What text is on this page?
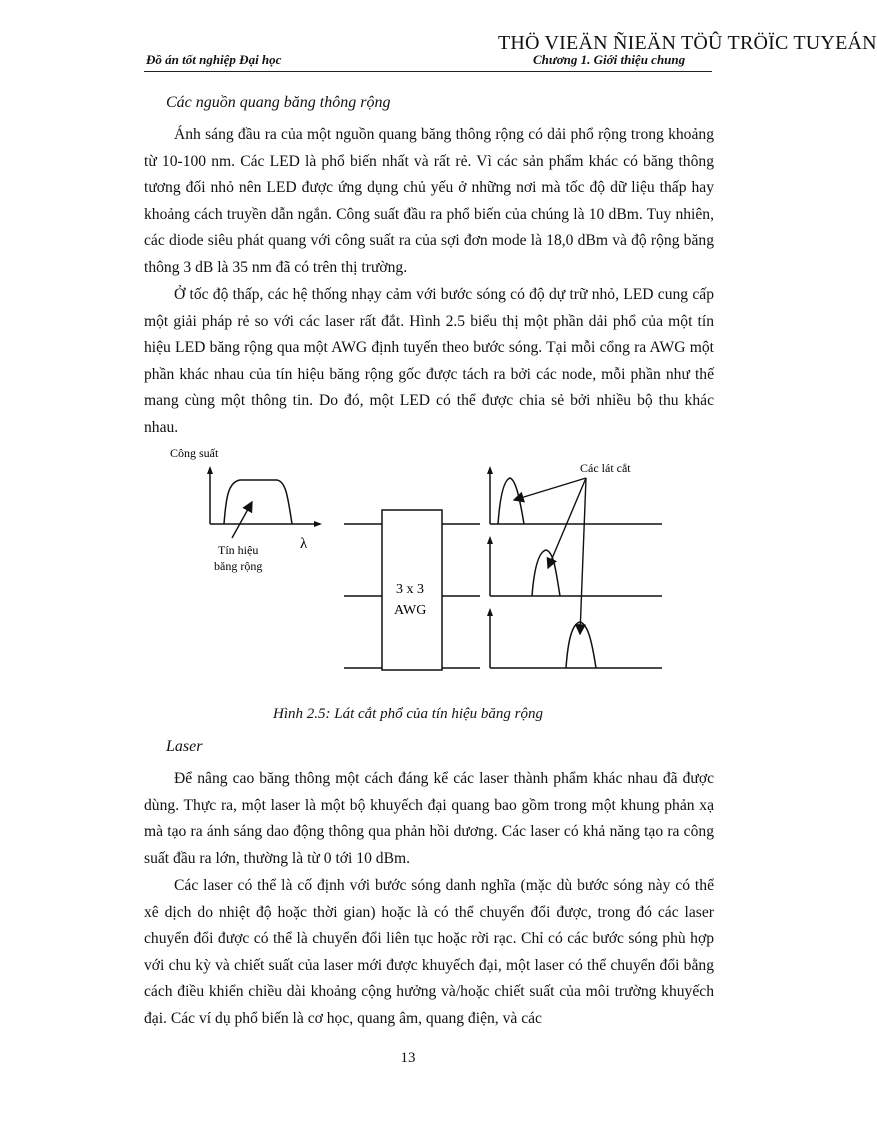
THÖ VIEÄN ÑIEÄN TÖÛ TRÖÏC TUYEÁN
Đồ án tốt nghiệp Đại học	Chương 1. Giới thiệu chung
Các nguồn quang băng thông rộng

Ánh sáng đầu ra của một nguồn quang băng thông rộng có dải phổ rộng trong khoảng từ 10-100 nm. Các LED là phổ biến nhất và rất rẻ. Vì các sản phẩm khác có băng thông tương đối nhỏ nên LED được ứng dụng chủ yếu ở những nơi mà tốc độ dữ liệu thấp hay khoảng cách truyền dẫn ngắn. Công suất đầu ra phổ biến của chúng là 10 dBm. Tuy nhiên, các diode siêu phát quang với công suất ra của sợi đơn mode là 18,0 dBm và độ rộng băng thông 3 dB là 35 nm đã có trên thị trường.

Ở tốc độ thấp, các hệ thống nhạy cảm với bước sóng có độ dự trữ nhỏ, LED cung cấp một giải pháp rẻ so với các laser rất đắt. Hình 2.5 biểu thị một phần dải phổ của một tín hiệu LED băng rộng qua một AWG định tuyến theo bước sóng. Tại mỗi cổng ra AWG một phần khác nhau của tín hiệu băng rộng gốc được tách ra bởi các node, mỗi phần như thế mang cùng một thông tin. Do đó, một LED có thể được chia sẻ bởi nhiều bộ thu khác nhau.

Công suất
λ
Tín hiệu
băng rộng
3 x 3
AWG
Các lát cắt
Hình 2.5: Lát cắt phổ của tín hiệu băng rộng
Laser

Để nâng cao băng thông một cách đáng kể các laser thành phẩm khác nhau đã được dùng. Thực ra, một laser là một bộ khuyếch đại quang bao gồm trong một khung phản xạ mà tạo ra ánh sáng dao động thông qua phản hồi dương. Các laser có khả năng tạo ra công suất đầu ra lớn, thường là từ 0 tới 10 dBm.

Các laser có thể là cố định với bước sóng danh nghĩa (mặc dù bước sóng này có thể xê dịch do nhiệt độ hoặc thời gian) hoặc là có thể chuyển đổi được, trong đó các laser chuyển đổi được có thể là chuyển đổi liên tục hoặc rời rạc. Chỉ có các bước sóng phù hợp với chu kỳ và chiết suất của laser mới được khuyếch đại, một laser có thể chuyển đổi bằng cách điều khiển chiều dài khoảng cộng hưởng và/hoặc chiết suất của môi trường khuyếch đại. Các ví dụ phổ biến là cơ học, quang âm, quang điện, và các

13
